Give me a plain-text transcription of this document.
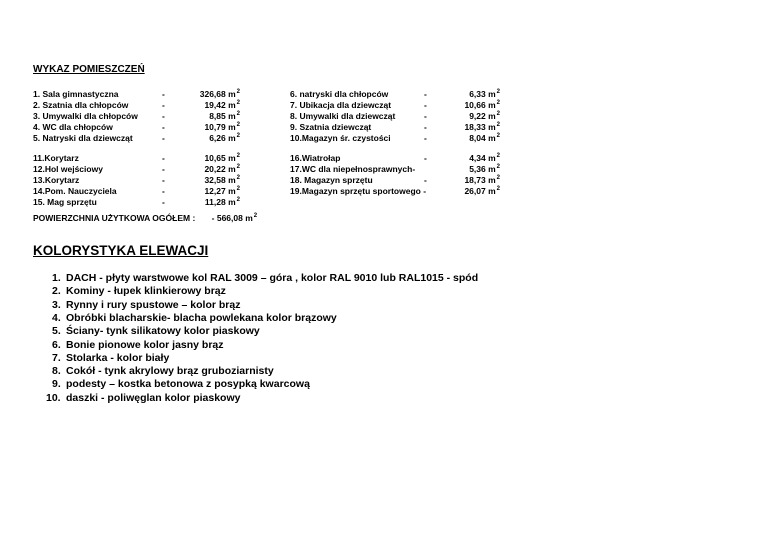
WYKAZ POMIESZCZEŃ
1. Sala gimnastyczna	-	326,68 $m^2$
2. Szatnia dla chłopców	-	19,42 $m^2$
3. Umywalki dla chłopców	-	8,85 $m^2$
4. WC dla chłopców	-	10,79 $m^2$
5. Natryski dla dziewcząt	-	6,26 $m^2$
6. natryski dla chłopców	-	6,33 $m^2$
7. Ubikacja dla dziewcząt	-	10,66 $m^2$
8. Umywalki dla dziewcząt	-	9,22 $m^2$
9. Szatnia dziewcząt	-	18,33 $m^2$
10.Magazyn śr. czystości	-	8,04 $m^2$
11.Korytarz	-	10,65 $m^2$
12.Hol wejściowy	-	20,22 $m^2$
13.Korytarz	-	32,58 $m^2$
14.Pom. Nauczyciela	-	12,27 $m^2$
15. Mag sprzętu	-	11,28 $m^2$
16.Wiatrołap	-	4,34 $m^2$
17.WC dla niepełnosprawnych-	5,36 $m^2$
18. Magazyn sprzętu	-	18,73 $m^2$
19.Magazyn sprzętu sportowego -	26,07 $m^2$
POWIERZCHNIA UŻYTKOWA OGÓŁEM : - 566,08 $m^2$
KOLORYSTYKA ELEWACJI
1. DACH - płyty warstwowe kol RAL 3009 – góra , kolor RAL 9010 lub RAL1015 - spód
2. Kominy - łupek klinkierowy brąz
3. Rynny i rury spustowe – kolor brąz
4. Obróbki blacharskie- blacha powlekana kolor brązowy
5. Ściany- tynk silikatowy kolor piaskowy
6. Bonie pionowe kolor jasny brąz
7. Stolarka - kolor biały
8. Cokół - tynk akrylowy brąz gruboziarnisty
9. podesty – kostka betonowa z posypką kwarcową
10. daszki - poliwęglan kolor piaskowy
